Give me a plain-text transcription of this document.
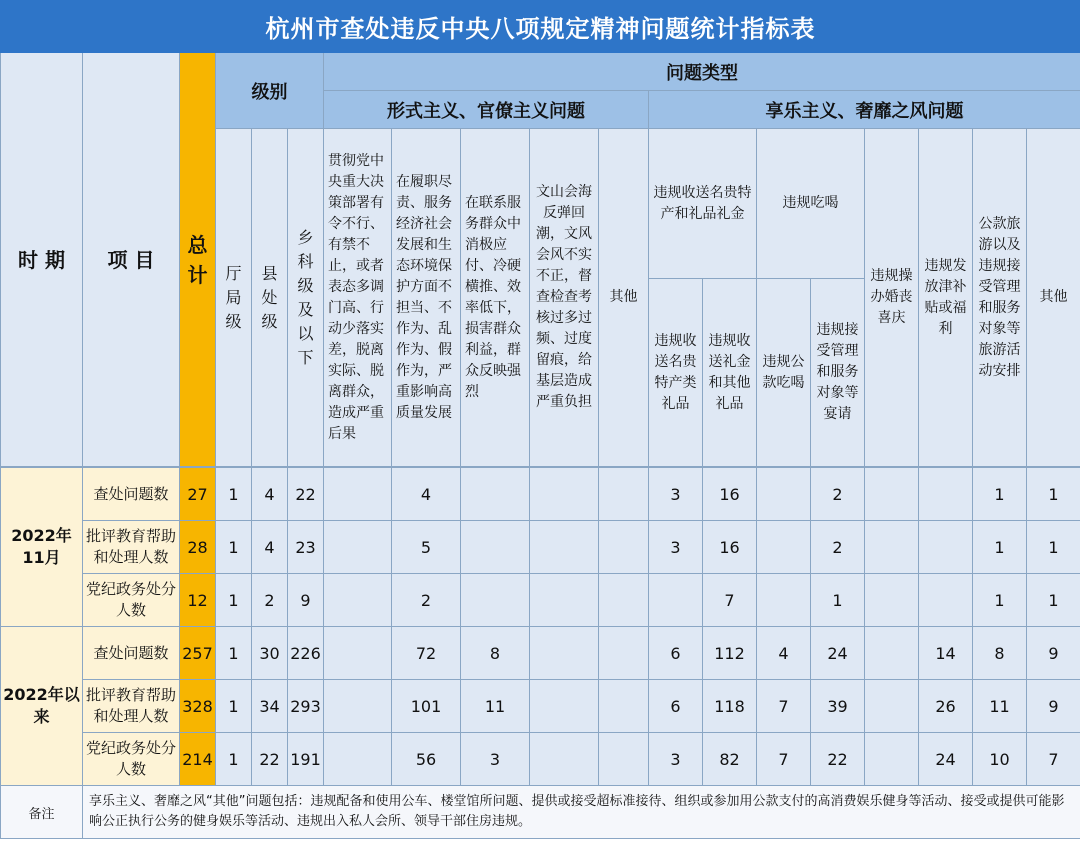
杭州市查处违反中央八项规定精神问题统计指标表																		
时 期	项 目	总计	级别			问题类型												
						形式主义、官僚主义问题					享乐主义、奢靡之风问题							
			厅局级	县处级	乡科级及以下	贯彻党中央重大决策部署有令不行、有禁不止，或者表态多调门高、行动少落实差，脱离实际、脱离群众，造成严重后果	在履职尽责、服务经济社会发展和生态环境保护方面不担当、不作为、乱作为、假作为，严重影响高质量发展	在联系服务群众中消极应付、冷硬横推、效率低下，损害群众利益，群众反映强烈	文山会海反弹回潮，文风会风不实不正，督查检查考核过多过频、过度留痕，给基层造成严重负担	其他	违规收送名贵特产和礼品礼金		违规吃喝		违规操办婚丧喜庆	违规发放津补贴或福利	公款旅游以及违规接受管理和服务对象等旅游活动安排	其他
											违规收送名贵特产类礼品	违规收送礼金和其他礼品	违规公款吃喝	违规接受管理和服务对象等宴请				
2022年11月	查处问题数	27	1	4	22		4				3	16		2			1	1
	批评教育帮助和处理人数	28	1	4	23		5				3	16		2			1	1
	党纪政务处分人数	12	1	2	9		2					7		1			1	1
2022年以来	查处问题数	257	1	30	226		72	8			6	112	4	24		14	8	9
	批评教育帮助和处理人数	328	1	34	293		101	11			6	118	7	39		26	11	9
	党纪政务处分人数	214	1	22	191		56	3			3	82	7	22		24	10	7
备注	享乐主义、奢靡之风“其他”问题包括：违规配备和使用公车、楼堂馆所问题、提供或接受超标准接待、组织或参加用公款支付的高消费娱乐健身等活动、接受或提供可能影响公正执行公务的健身娱乐等活动、违规出入私人会所、领导干部住房违规。																	
